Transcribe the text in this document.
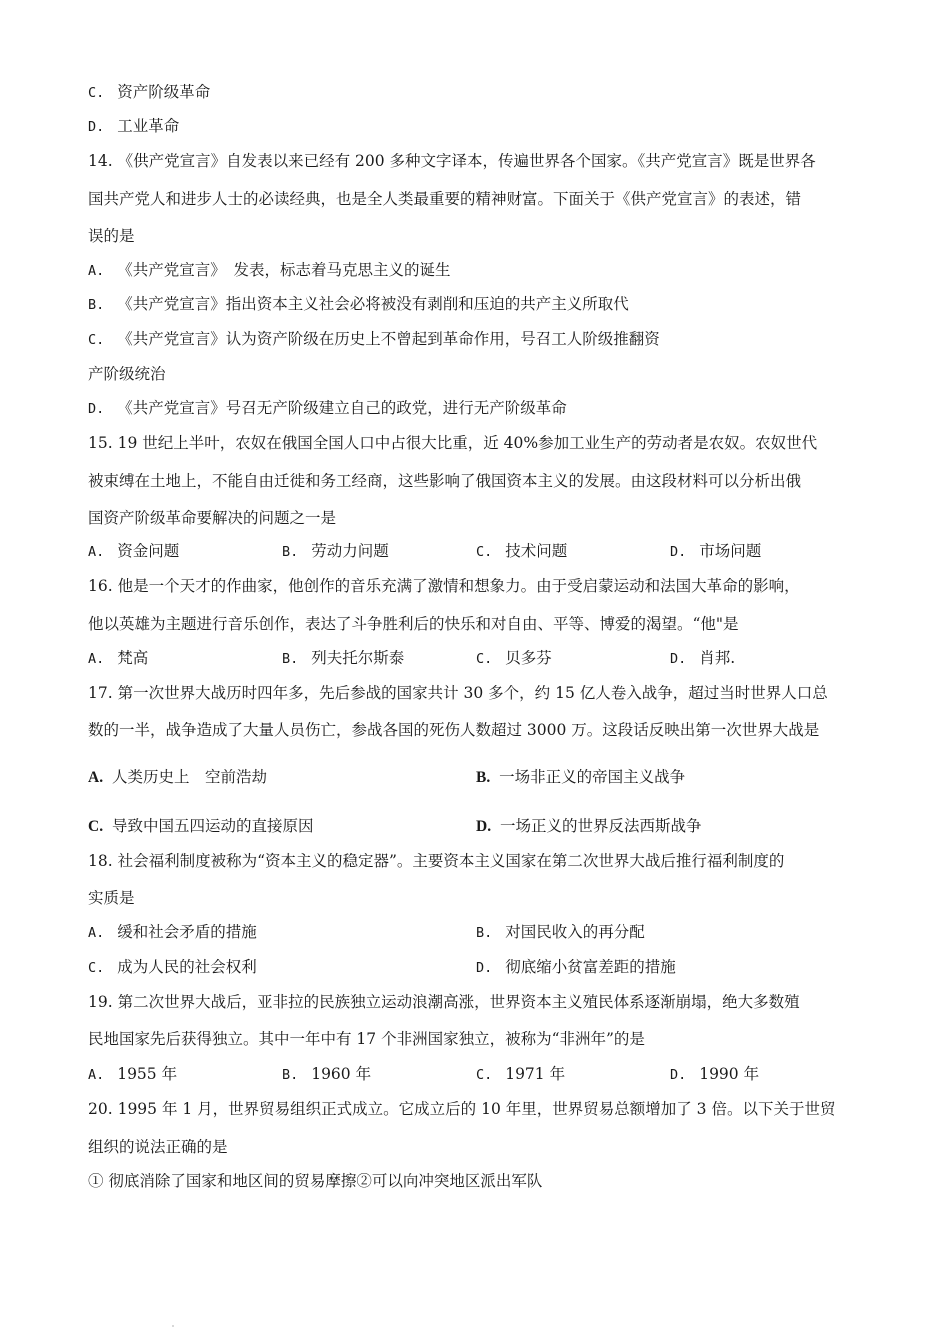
C. 资产阶级革命
D. 工业革命
14. 《供产党宣言》自发表以来已经有 200 多种文字译本，传遍世界各个国家。《共产党宣言》既是世界各
国共产党人和进步人士的必读经典，也是全人类最重要的精神财富。下面关于《供产党宣言》的表述，错
误的是
A. 《共产党宣言》　发表，标志着马克思主义的诞生
B. 《共产党宣言》指出资本主义社会必将被没有剥削和压迫的共产主义所取代
C. 《共产党宣言》认为资产阶级在历史上不曾起到革命作用，号召工人阶级推翻资
产阶级统治
D. 《共产党宣言》号召无产阶级建立自己的政党，进行无产阶级革命
15. 19 世纪上半叶，农奴在俄国全国人口中占很大比重，近 40%参加工业生产的劳动者是农奴。农奴世代
被束缚在土地上，不能自由迁徙和务工经商，这些影响了俄国资本主义的发展。由这段材料可以分析出俄
国资产阶级革命要解决的问题之一是
A. 资金问题	B. 劳动力问题	C. 技术问题	D. 市场问题
16. 他是一个天才的作曲家，他创作的音乐充满了激情和想象力。由于受启蒙运动和法国大革命的影响，
他以英雄为主题进行音乐创作，表达了斗争胜利后的快乐和对自由、平等、博爱的渴望。“他"是
A. 梵高	B. 列夫托尔斯泰	C. 贝多芬	D. 肖邦.
17. 第一次世界大战历时四年多，先后参战的国家共计 30 多个，约 15 亿人卷入战争，超过当时世界人口总
数的一半，战争造成了大量人员伤亡，参战各国的死伤人数超过 3000 万。这段话反映出第一次世界大战是
A. 人类历史上　空前浩劫	B. 一场非正义的帝国主义战争
C. 导致中国五四运动的直接原因	D. 一场正义的世界反法西斯战争
18. 社会福利制度被称为“资本主义的稳定器”。主要资本主义国家在第二次世界大战后推行福利制度的
实质是
A. 缓和社会矛盾的措施	B. 对国民收入的再分配
C. 成为人民的社会权利	D. 彻底缩小贫富差距的措施
19. 第二次世界大战后，亚非拉的民族独立运动浪潮高涨，世界资本主义殖民体系逐渐崩塌，绝大多数殖
民地国家先后获得独立。其中一年中有 17 个非洲国家独立，被称为“非洲年”的是
A. 1955 年	B. 1960 年	C. 1971 年	D. 1990 年
20. 1995 年 1 月，世界贸易组织正式成立。它成立后的 10 年里，世界贸易总额增加了 3 倍。以下关于世贸
组织的说法正确的是
① 彻底消除了国家和地区间的贸易摩擦②可以向冲突地区派出军队
